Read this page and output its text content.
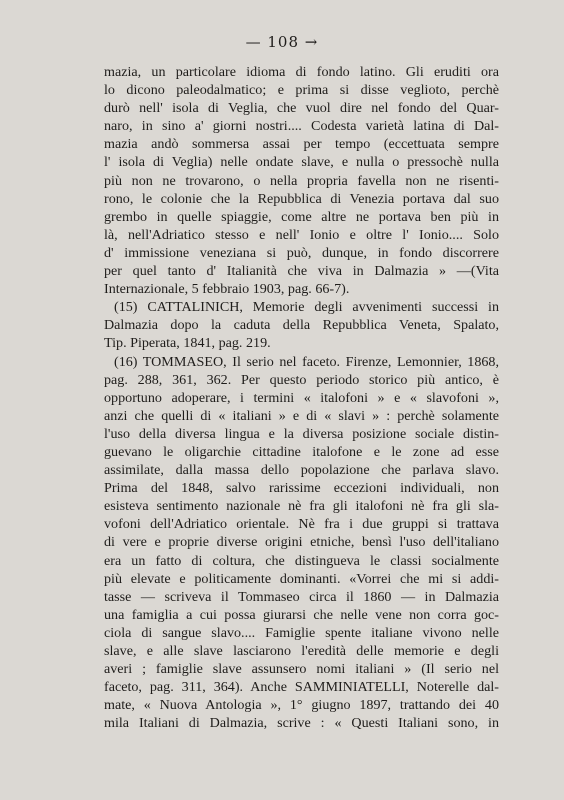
— 108 →
mazia, un particolare idioma di fondo latino. Gli eruditi ora
lo dicono paleodalmatico; e prima si disse veglioto, perchè
durò nell' isola di Veglia, che vuol dire nel fondo del Quar-
naro, in sino a' giorni nostri.... Codesta varietà latina di Dal-
mazia andò sommersa assai per tempo (eccettuata sempre
l' isola di Veglia) nelle ondate slave, e nulla o pressochè nulla
più non ne trovarono, o nella propria favella non ne risenti-
rono, le colonie che la Repubblica di Venezia portava dal suo
grembo in quelle spiaggie, come altre ne portava ben più in
là, nell'Adriatico stesso e nell' Ionio e oltre l' Ionio.... Solo
d' immissione veneziana si può, dunque, in fondo discorrere
per quel tanto d' Italianità che viva in Dalmazia » —(Vita
Internazionale, 5 febbraio 1903, pag. 66-7).
(15) CATTALINICH, Memorie degli avvenimenti successi in
Dalmazia dopo la caduta della Repubblica Veneta, Spalato,
Tip. Piperata, 1841, pag. 219.
(16) TOMMASEO, Il serio nel faceto. Firenze, Lemonnier, 1868,
pag. 288, 361, 362. Per questo periodo storico più antico, è
opportuno adoperare, i termini « italofoni » e « slavofoni »,
anzi che quelli di « italiani » e di « slavi » : perchè solamente
l'uso della diversa lingua e la diversa posizione sociale distin-
guevano le oligarchie cittadine italofone e le zone ad esse
assimilate, dalla massa dello popolazione che parlava slavo.
Prima del 1848, salvo rarissime eccezioni individuali, non
esisteva sentimento nazionale nè fra gli italofoni nè fra gli sla-
vofoni dell'Adriatico orientale. Nè fra i due gruppi si trattava
di vere e proprie diverse origini etniche, bensì l'uso dell'italiano
era un fatto di coltura, che distingueva le classi socialmente
più elevate e politicamente dominanti. «Vorrei che mi si addi-
tasse — scriveva il Tommaseo circa il 1860 — in Dalmazia
una famiglia a cui possa giurarsi che nelle vene non corra goc-
ciola di sangue slavo.... Famiglie spente italiane vivono nelle
slave, e alle slave lasciarono l'eredità delle memorie e degli
averi ; famiglie slave assunsero nomi italiani » (Il serio nel
faceto, pag. 311, 364). Anche SAMMINIATELLI, Noterelle dal-
mate, « Nuova Antologia », 1° giugno 1897, trattando dei 40
mila Italiani di Dalmazia, scrive : « Questi Italiani sono, in
